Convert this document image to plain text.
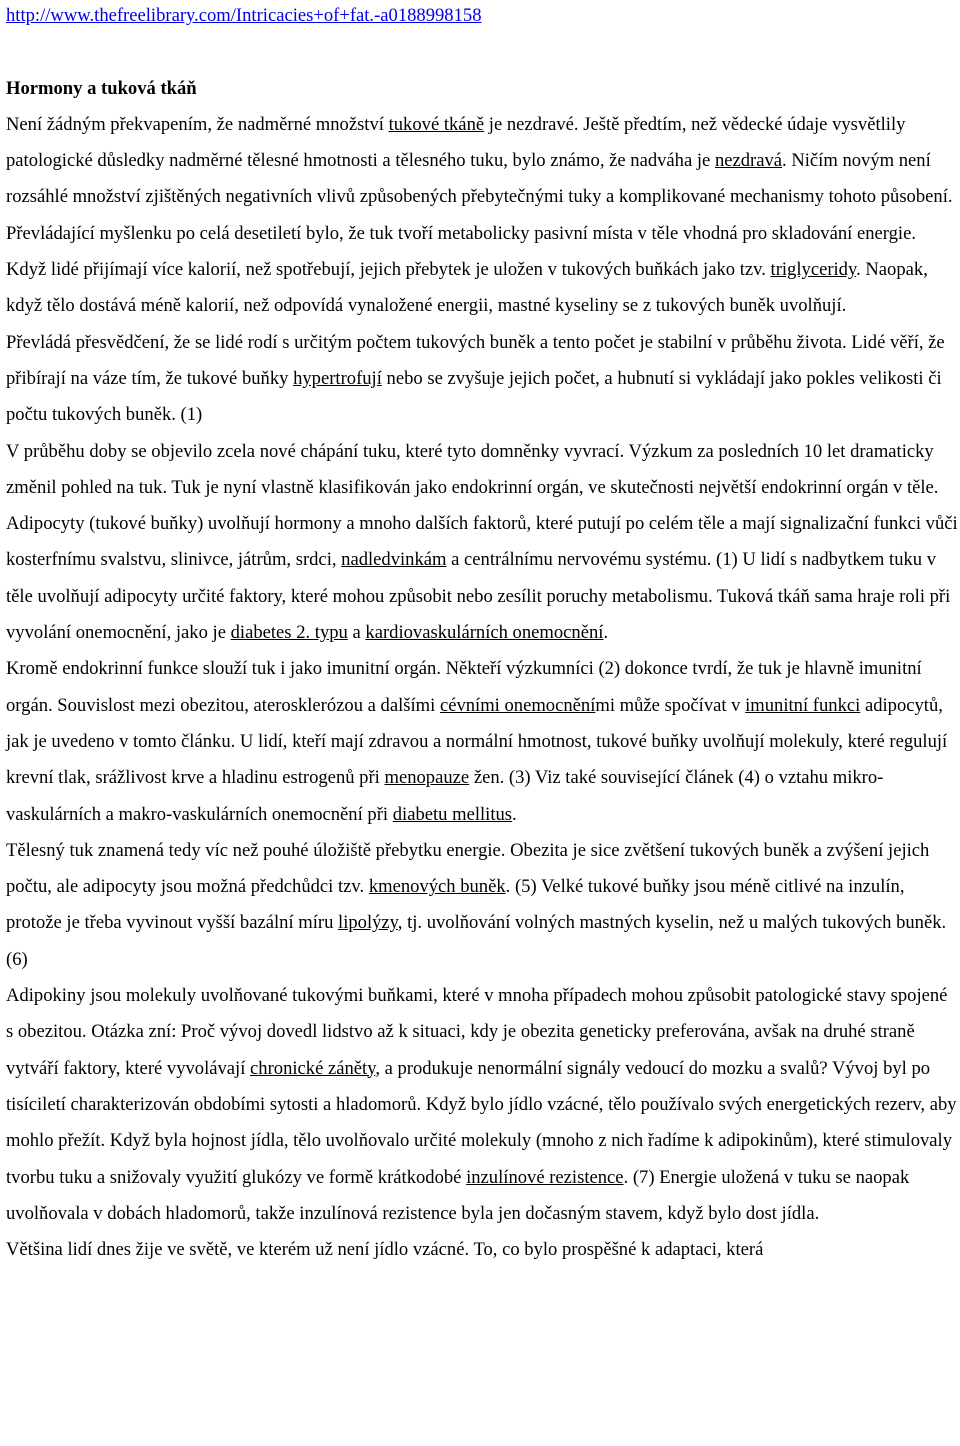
http://www.thefreelibrary.com/Intricacies+of+fat.-a0188998158
Hormony a tuková tkáň

Není žádným překvapením, že nadměrné množství tukové tkáně je nezdravé. Ještě předtím, než vědecké údaje vysvětlily patologické důsledky nadměrné tělesné hmotnosti a tělesného tuku, bylo známo, že nadváha je nezdravá. Ničím novým není rozsáhlé množství zjištěných negativních vlivů způsobených přebytečnými tuky a komplikované mechanismy tohoto působení.

Převládající myšlenku po celá desetiletí bylo, že tuk tvoří metabolicky pasivní místa v těle vhodná pro skladování energie. Když lidé přijímají více kalorií, než spotřebují, jejich přebytek je uložen v tukových buňkách jako tzv. triglyceridy. Naopak, když tělo dostává méně kalorií, než odpovídá vynaložené energii, mastné kyseliny se z tukových buněk uvolňují.

Převládá přesvědčení, že se lidé rodí s určitým počtem tukových buněk a tento počet je stabilní v průběhu života. Lidé věří, že přibírají na váze tím, že tukové buňky hypertrofují nebo se zvyšuje jejich počet, a hubnutí si vykládají jako pokles velikosti či počtu tukových buněk. (1)

V průběhu doby se objevilo zcela nové chápání tuku, které tyto domněnky vyvrací. Výzkum za posledních 10 let dramaticky změnil pohled na tuk. Tuk je nyní vlastně klasifikován jako endokrinní orgán, ve skutečnosti největší endokrinní orgán v těle. Adipocyty (tukové buňky) uvolňují hormony a mnoho dalších faktorů, které putují po celém těle a mají signalizační funkci vůči kosterfnímu svalstvu, slinivce, játrům, srdci, nadledvinkám a centrálnímu nervovému systému. (1) U lidí s nadbytkem tuku v těle uvolňují adipocyty určité faktory, které mohou způsobit nebo zesílit poruchy metabolismu. Tuková tkáň sama hraje roli při vyvolání onemocnění, jako je diabetes 2. typu a kardiovaskulárních onemocnění.

Kromě endokrinní funkce slouží tuk i jako imunitní orgán. Někteří výzkumníci (2) dokonce tvrdí, že tuk je hlavně imunitní orgán. Souvislost mezi obezitou, aterosklerózou a dalšími cévními onemocněními může spočívat v imunitní funkci adipocytů, jak je uvedeno v tomto článku. U lidí, kteří mají zdravou a normální hmotnost, tukové buňky uvolňují molekuly, které regulují krevní tlak, srážlivost krve a hladinu estrogenů při menopauze žen. (3) Viz také související článek (4) o vztahu mikro-vaskulárních a makro-vaskulárních onemocnění při diabetu mellitus.

Tělesný tuk znamená tedy víc než pouhé úložiště přebytku energie. Obezita je sice zvětšení tukových buněk a zvýšení jejich počtu, ale adipocyty jsou možná předchůdci tzv. kmenových buněk. (5) Velké tukové buňky jsou méně citlivé na inzulín, protože je třeba vyvinout vyšší bazální míru lipolýzy, tj. uvolňování volných mastných kyselin, než u malých tukových buněk. (6)

Adipokiny jsou molekuly uvolňované tukovými buňkami, které v mnoha případech mohou způsobit patologické stavy spojené s obezitou. Otázka zní: Proč vývoj dovedl lidstvo až k situaci, kdy je obezita geneticky preferována, avšak na druhé straně vytváří faktory, které vyvolávají chronické záněty, a produkuje nenormální signály vedoucí do mozku a svalů? Vývoj byl po tisíciletí charakterizován obdobími sytosti a hladomorů. Když bylo jídlo vzácné, tělo používalo svých energetických rezerv, aby mohlo přežít. Když byla hojnost jídla, tělo uvolňovalo určité molekuly (mnoho z nich řadíme k adipokinům), které stimulovaly tvorbu tuku a snižovaly využití glukózy ve formě krátkodobé inzulínové rezistence. (7) Energie uložená v tuku se naopak uvolňovala v dobách hladomorů, takže inzulínová rezistence byla jen dočasným stavem, když bylo dost jídla.

Většina lidí dnes žije ve světě, ve kterém už není jídlo vzácné. To, co bylo prospěšné k adaptaci, která
